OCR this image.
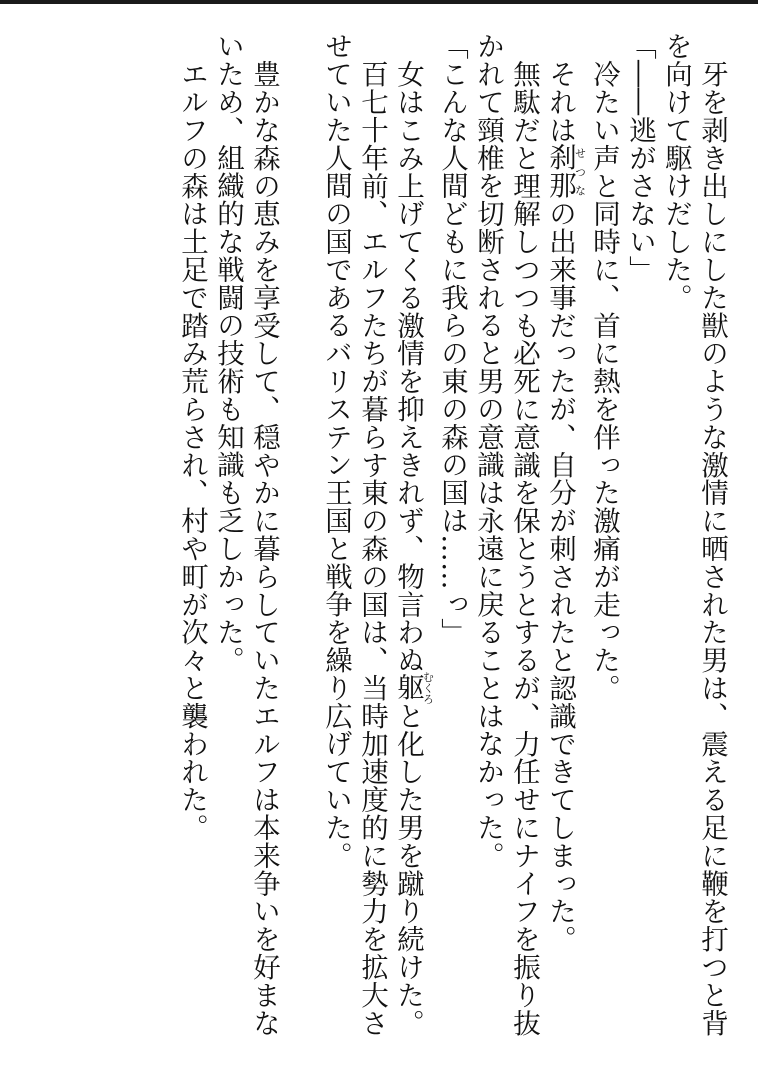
牙を剥き出しにした獣のような激情に晒された男は、震える足に鞭を打つと背を向けて駆けだした。

「――逃がさない」

冷たい声と同時に、首に熱を伴った激痛が走った。

それは刹那せつなの出来事だったが、自分が刺されたと認識できてしまった。

無駄だと理解しつつも必死に意識を保とうとするが、力任せにナイフを振り抜かれて頸椎を切断されると男の意識は永遠に戻ることはなかった。

「こんな人間どもに我らの東の森の国は……っ」

女はこみ上げてくる激情を抑えきれず、物言わぬ躯むくろと化した男を蹴り続けた。

百七十年前、エルフたちが暮らす東の森の国は、当時加速度的に勢力を拡大させていた人間の国であるバリステン王国と戦争を繰り広げていた。

豊かな森の恵みを享受して、穏やかに暮らしていたエルフは本来争いを好まないため、組織的な戦闘の技術も知識も乏しかった。

エルフの森は土足で踏み荒らされ、村や町が次々と襲われた。
